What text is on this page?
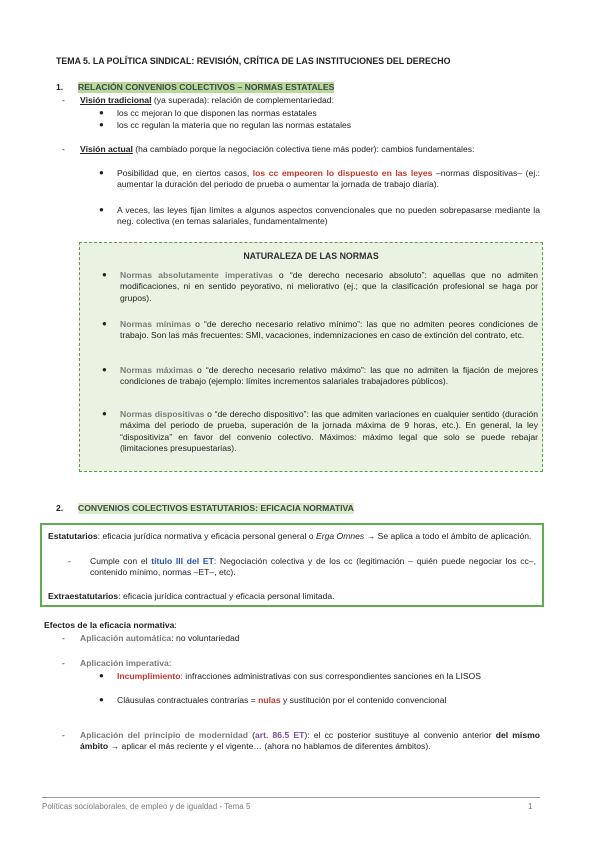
TEMA 5. LA POLÍTICA SINDICAL: REVISIÓN, CRÍTICA DE LAS INSTITUCIONES DEL DERECHO
1. RELACIÓN CONVENIOS COLECTIVOS – NORMAS ESTATALES
- Visión tradicional (ya superada): relación de complementariedad:
● los cc mejoran lo que disponen las normas estatales
● los cc regulan la materia que no regulan las normas estatales
- Visión actual (ha cambiado porque la negociación colectiva tiene más poder): cambios fundamentales:
● Posibilidad que, en ciertos casos, los cc empeoren lo dispuesto en las leyes –normas dispositivas– (ej.: aumentar la duración del periodo de prueba o aumentar la jornada de trabajo diaria).
● A veces, las leyes fijan límites a algunos aspectos convencionales que no pueden sobrepasarse mediante la neg. colectiva (en temas salariales, fundamentalmente)
NATURALEZA DE LAS NORMAS
● Normas absolutamente imperativas o “de derecho necesario absoluto”: aquellas que no admiten modificaciones, ni en sentido peyorativo, ni meliorativo (ej.; que la clasificación profesional se haga por grupos).
● Normas mínimas o “de derecho necesario relativo mínimo”: las que no admiten peores condiciones de trabajo. Son las más frecuentes: SMI, vacaciones, indemnizaciones en caso de extinción del contrato, etc.
● Normas máximas o “de derecho necesario relativo máximo”: las que no admiten la fijación de mejores condiciones de trabajo (ejemplo: límites incrementos salariales trabajadores públicos).
● Normas dispositivas o “de derecho dispositivo”: las que admiten variaciones en cualquier sentido (duración máxima del periodo de prueba, superación de la jornada máxima de 9 horas, etc.). En general, la ley “dispositiviza” en favor del convenio colectivo. Máximos: máximo legal que solo se puede rebajar (limitaciones presupuestarias).
2. CONVENIOS COLECTIVOS ESTATUTARIOS: EFICACIA NORMATIVA
Estatutarios: eficacia jurídica normativa y eficacia personal general o Erga Omnes → Se aplica a todo el ámbito de aplicación.
- Cumple con el título III del ET: Negociación colectiva y de los cc (legitimación – quién puede negociar los cc–, contenido mínimo, normas –ET–, etc).
Extraestatutarios: eficacia jurídica contractual y eficacia personal limitada.
Efectos de la eficacia normativa:
- Aplicación automática: no voluntariedad
- Aplicación imperativa:
● Incumplimiento: infracciones administrativas con sus correspondientes sanciones en la LISOS
● Cláusulas contractuales contrarias = nulas y sustitución por el contenido convencional
- Aplicación del principio de modernidad (art. 86.5 ET): el cc posterior sustituye al convenio anterior del mismo ámbito → aplicar el más reciente y el vigente… (ahora no hablamos de diferentes ámbitos).
Políticas sociolaborales, de empleo y de igualdad - Tema 5	1
